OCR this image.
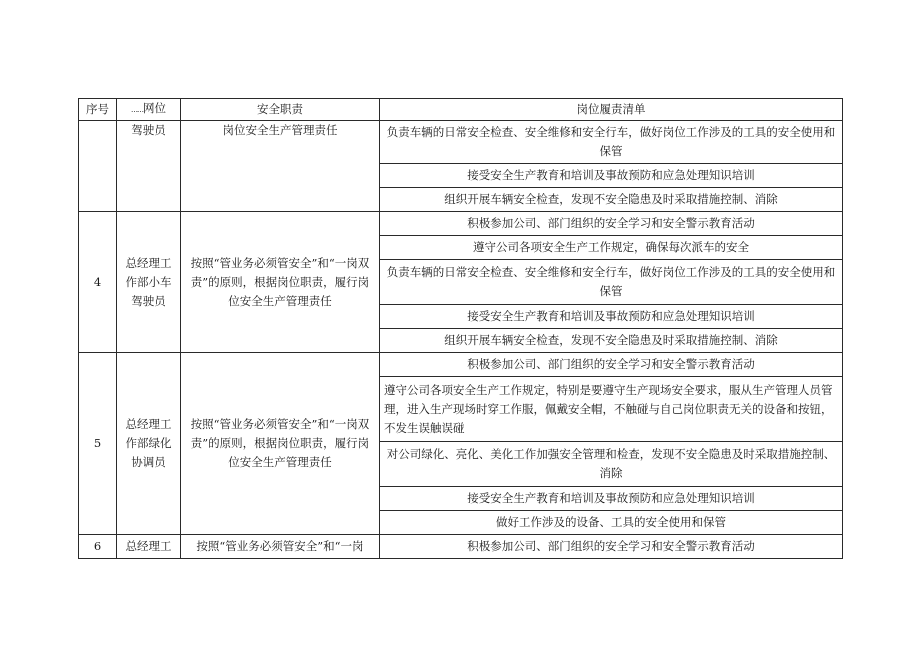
序号	……网位	安全职责	岗位履责清单
	驾驶员	岗位安全生产管理责任	负责车辆的日常安全检查、安全维修和安全行车，做好岗位工作涉及的工具的安全使用和保管
			接受安全生产教育和培训及事故预防和应急处理知识培训
			组织开展车辆安全检查，发现不安全隐患及时采取措施控制、消除
4	总经理工作部小车驾驶员	按照“管业务必须管安全”和“一岗双责”的原则，根据岗位职责，履行岗位安全生产管理责任	积极参加公司、部门组织的安全学习和安全警示教育活动
			遵守公司各项安全生产工作规定，确保每次派车的安全
			负责车辆的日常安全检查、安全维修和安全行车，做好岗位工作涉及的工具的安全使用和保管
			接受安全生产教育和培训及事故预防和应急处理知识培训
			组织开展车辆安全检查，发现不安全隐患及时采取措施控制、消除
5	总经理工作部绿化协调员	按照“管业务必须管安全”和“一岗双责”的原则，根据岗位职责，履行岗位安全生产管理责任	积极参加公司、部门组织的安全学习和安全警示教育活动
			遵守公司各项安全生产工作规定，特别是要遵守生产现场安全要求，服从生产管理人员管理，进入生产现场时穿工作服，佩戴安全帽，不触碰与自己岗位职责无关的设备和按钮，不发生误触误碰
			对公司绿化、亮化、美化工作加强安全管理和检查，发现不安全隐患及时采取措施控制、消除
			接受安全生产教育和培训及事故预防和应急处理知识培训
			做好工作涉及的设备、工具的安全使用和保管
6	总经理工	按照“管业务必须管安全”和“一岗	积极参加公司、部门组织的安全学习和安全警示教育活动
